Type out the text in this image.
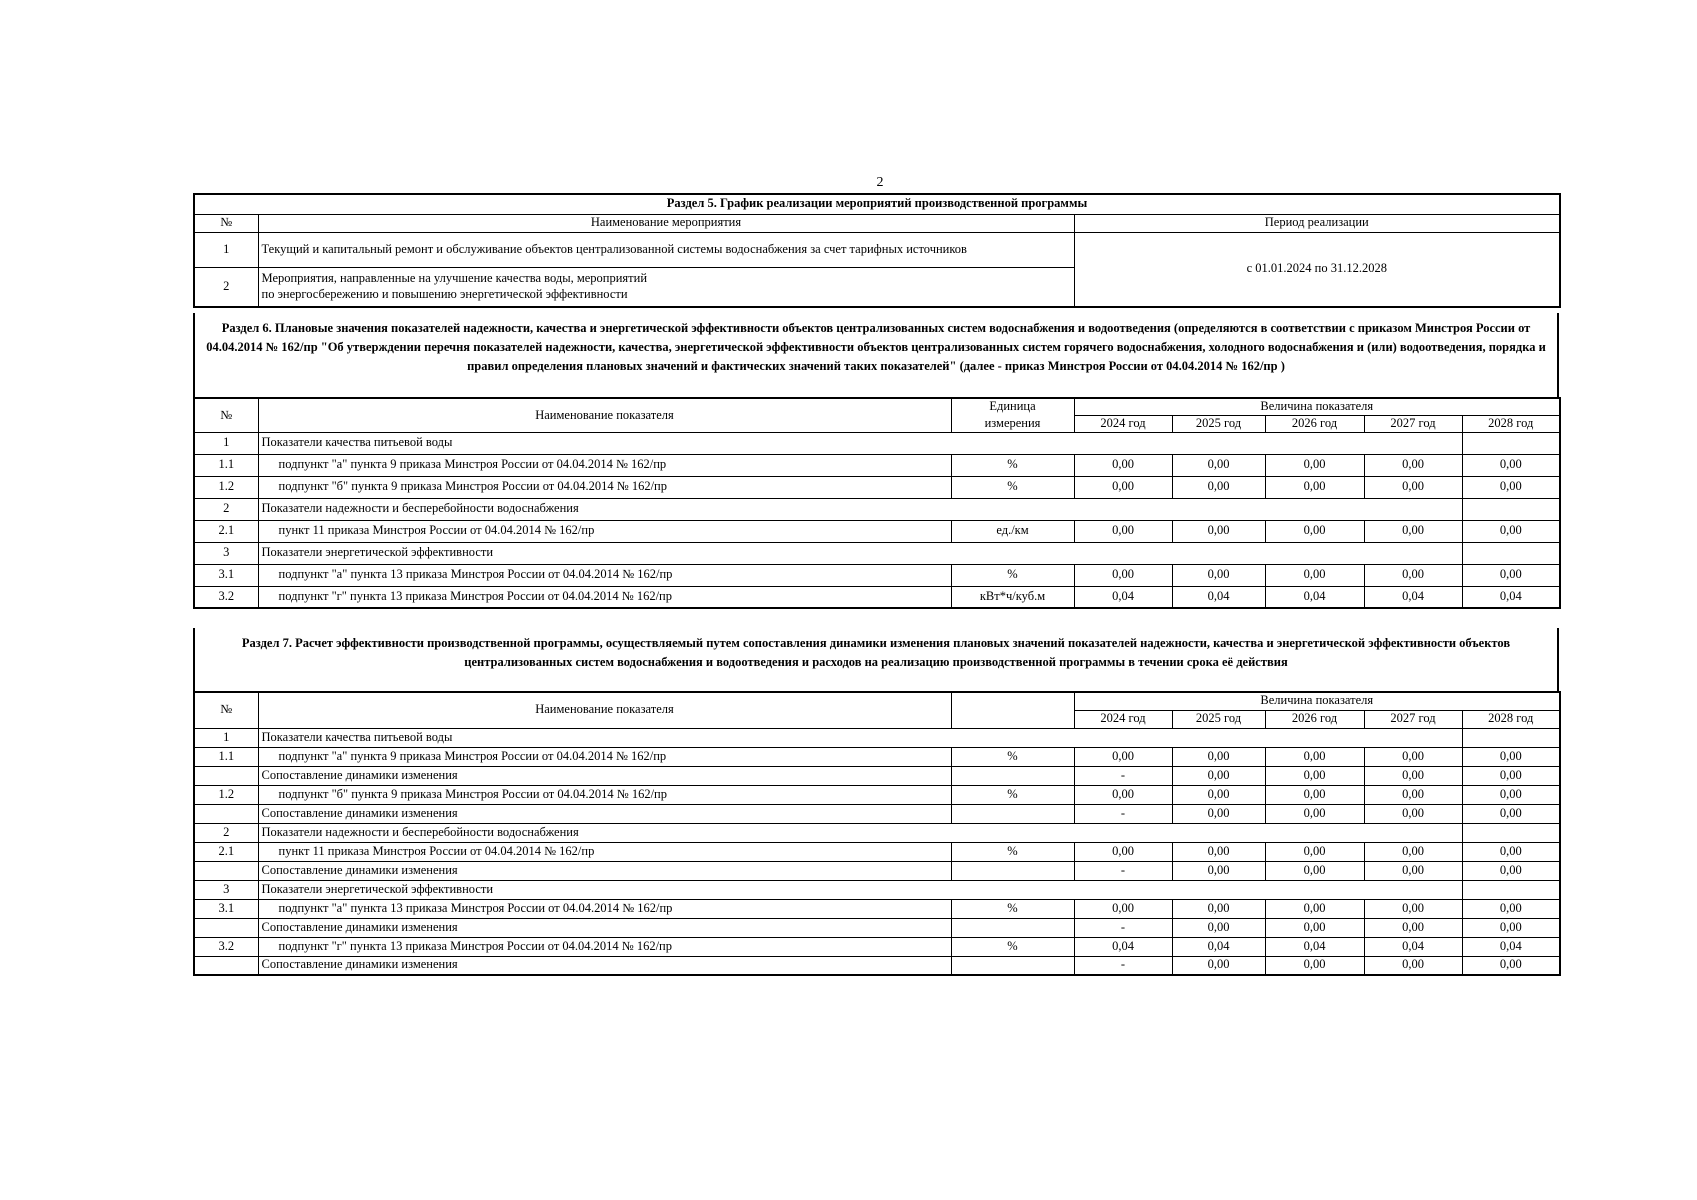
2
Раздел 5. График реализации мероприятий производственной программы		
№	Наименование мероприятия	Период реализации
1	Текущий и капитальный ремонт и обслуживание объектов централизованной системы водоснабжения за счет тарифных источников	с 01.01.2024 по 31.12.2028
2	Мероприятия, направленные на улучшение качества воды, мероприятий
по энергосбережению и повышению энергетической эффективности	
Раздел 6. Плановые значения показателей надежности, качества и энергетической эффективности объектов централизованных систем водоснабжения и водоотведения (определяются в соответствии с приказом Минстроя России от 04.04.2014 № 162/пр "Об утверждении перечня показателей надежности, качества, энергетической эффективности объектов централизованных систем горячего водоснабжения, холодного водоснабжения и (или) водоотведения, порядка и правил определения плановых значений и фактических значений таких показателей" (далее - приказ Минстроя России от 04.04.2014 № 162/пр )
№	Наименование показателя	Единица	Величина показателя				
		измерения	2024 год	2025 год	2026 год	2027 год	2028 год
1	Показатели качества питьевой воды						
1.1	подпункт "а" пункта 9 приказа Минстроя России от 04.04.2014 № 162/пр	%	0,00	0,00	0,00	0,00	0,00
1.2	подпункт "б" пункта 9 приказа Минстроя России от 04.04.2014 № 162/пр	%	0,00	0,00	0,00	0,00	0,00
2	Показатели надежности и бесперебойности водоснабжения						
2.1	пункт 11 приказа Минстроя России от 04.04.2014 № 162/пр	ед./км	0,00	0,00	0,00	0,00	0,00
3	Показатели энергетической эффективности						
3.1	подпункт "а" пункта 13 приказа Минстроя России от 04.04.2014 № 162/пр	%	0,00	0,00	0,00	0,00	0,00
3.2	подпункт "г" пункта 13 приказа Минстроя России от 04.04.2014 № 162/пр	кВт*ч/куб.м	0,04	0,04	0,04	0,04	0,04
Раздел 7. Расчет эффективности производственной программы, осуществляемый путем сопоставления динамики изменения плановых значений показателей надежности, качества и энергетической эффективности объектов централизованных систем водоснабжения и водоотведения и расходов на реализацию производственной программы в течении срока её действия
№	Наименование показателя		Величина показателя				
			2024 год	2025 год	2026 год	2027 год	2028 год
1	Показатели качества питьевой воды						
1.1	подпункт "а" пункта 9 приказа Минстроя России от 04.04.2014 № 162/пр	%	0,00	0,00	0,00	0,00	0,00
	Сопоставление динамики изменения		-	0,00	0,00	0,00	0,00
1.2	подпункт "б" пункта 9 приказа Минстроя России от 04.04.2014 № 162/пр	%	0,00	0,00	0,00	0,00	0,00
	Сопоставление динамики изменения		-	0,00	0,00	0,00	0,00
2	Показатели надежности и бесперебойности водоснабжения						
2.1	пункт 11 приказа Минстроя России от 04.04.2014 № 162/пр	%	0,00	0,00	0,00	0,00	0,00
	Сопоставление динамики изменения		-	0,00	0,00	0,00	0,00
3	Показатели энергетической эффективности						
3.1	подпункт "а" пункта 13 приказа Минстроя России от 04.04.2014 № 162/пр	%	0,00	0,00	0,00	0,00	0,00
	Сопоставление динамики изменения		-	0,00	0,00	0,00	0,00
3.2	подпункт "г" пункта 13 приказа Минстроя России от 04.04.2014 № 162/пр	%	0,04	0,04	0,04	0,04	0,04
	Сопоставление динамики изменения		-	0,00	0,00	0,00	0,00
